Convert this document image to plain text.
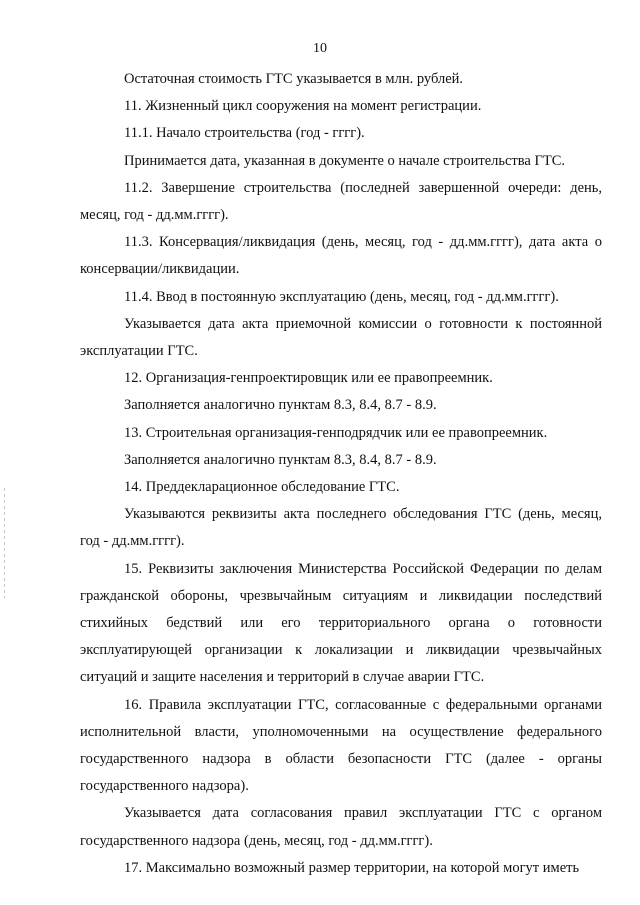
10

Остаточная стоимость ГТС указывается в млн. рублей.

11. Жизненный цикл сооружения на момент регистрации.

11.1. Начало строительства (год - гггг).

Принимается дата, указанная в документе о начале строительства ГТС.

11.2. Завершение строительства (последней завершенной очереди: день, месяц, год - дд.мм.гггг).

11.3. Консервация/ликвидация (день, месяц, год - дд.мм.гггг), дата акта о консервации/ликвидации.

11.4. Ввод в постоянную эксплуатацию (день, месяц, год - дд.мм.гггг).

Указывается дата акта приемочной комиссии о готовности к постоянной эксплуатации ГТС.

12. Организация-генпроектировщик или ее правопреемник.

Заполняется аналогично пунктам 8.3, 8.4, 8.7 - 8.9.

13. Строительная организация-генподрядчик или ее правопреемник.

Заполняется аналогично пунктам 8.3, 8.4, 8.7 - 8.9.

14. Преддекларационное обследование ГТС.

Указываются реквизиты акта последнего обследования ГТС (день, месяц, год - дд.мм.гггг).

15. Реквизиты заключения Министерства Российской Федерации по делам гражданской обороны, чрезвычайным ситуациям и ликвидации последствий стихийных бедствий или его территориального органа о готовности эксплуатирующей организации к локализации и ликвидации чрезвычайных ситуаций и защите населения и территорий в случае аварии ГТС.

16. Правила эксплуатации ГТС, согласованные с федеральными органами исполнительной власти, уполномоченными на осуществление федерального государственного надзора в области безопасности ГТС (далее - органы государственного надзора).

Указывается дата согласования правил эксплуатации ГТС с органом государственного надзора (день, месяц, год - дд.мм.гггг).

17. Максимально возможный размер территории, на которой могут иметь
